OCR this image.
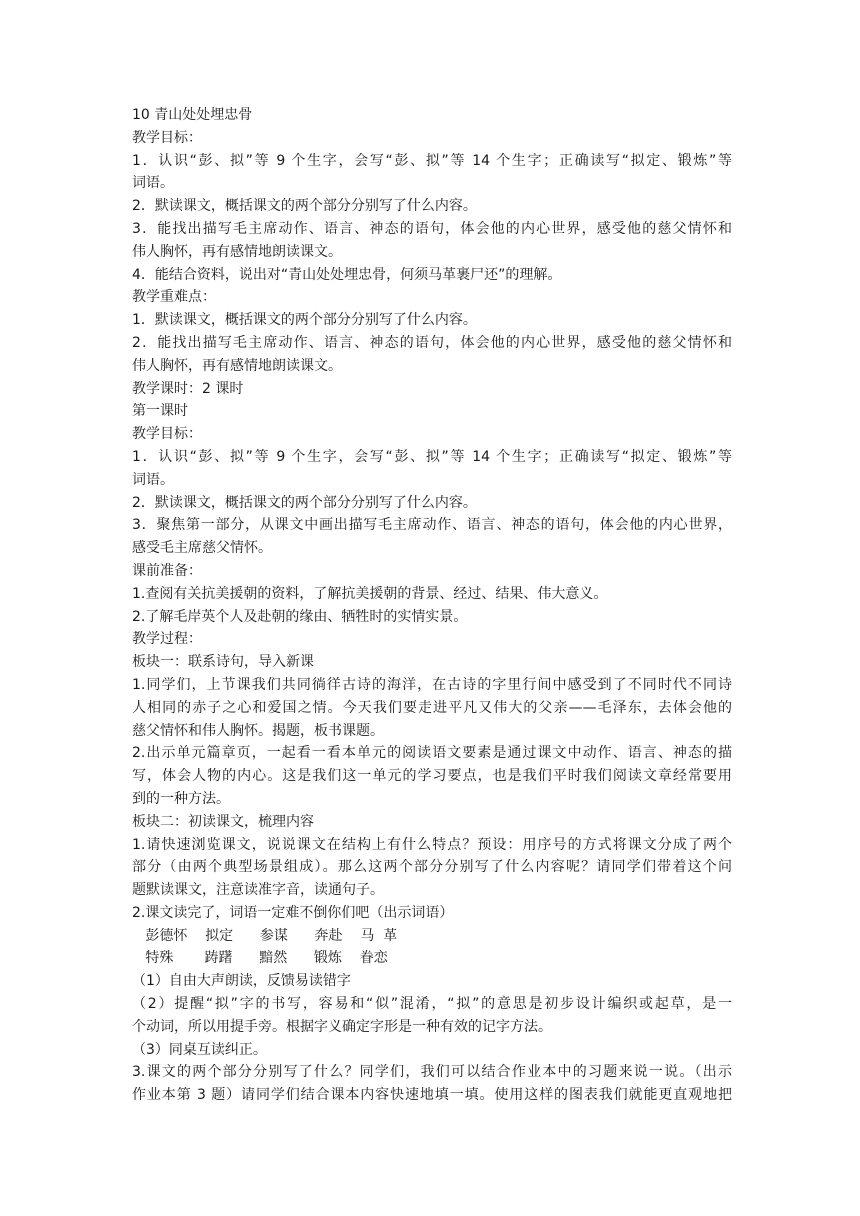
10 青山处处埋忠骨
教学目标：
1．认识“彭、拟”等 9 个生字，会写“彭、拟”等 14 个生字；正确读写“拟定、锻炼”等
词语。
2．默读课文，概括课文的两个部分分别写了什么内容。
3．能找出描写毛主席动作、语言、神态的语句，体会他的内心世界，感受他的慈父情怀和
伟人胸怀，再有感情地朗读课文。
4．能结合资料，说出对“青山处处埋忠骨，何须马革裹尸还”的理解。
教学重难点：
1．默读课文，概括课文的两个部分分别写了什么内容。
2．能找出描写毛主席动作、语言、神态的语句，体会他的内心世界，感受他的慈父情怀和
伟人胸怀，再有感情地朗读课文。
教学课时：2 课时
第一课时
教学目标：
1．认识“彭、拟”等 9 个生字，会写“彭、拟”等 14 个生字；正确读写“拟定、锻炼”等
词语。
2．默读课文，概括课文的两个部分分别写了什么内容。
3．聚焦第一部分，从课文中画出描写毛主席动作、语言、神态的语句，体会他的内心世界，
感受毛主席慈父情怀。
课前准备：
1.查阅有关抗美援朝的资料，了解抗美援朝的背景、经过、结果、伟大意义。
2.了解毛岸英个人及赴朝的缘由、牺牲时的实情实景。
教学过程：
板块一：联系诗句，导入新课
1.同学们，上节课我们共同徜徉古诗的海洋，在古诗的字里行间中感受到了不同时代不同诗
人相同的赤子之心和爱国之情。今天我们要走进平凡又伟大的父亲——毛泽东，去体会他的
慈父情怀和伟人胸怀。揭题，板书课题。
2.出示单元篇章页，一起看一看本单元的阅读语文要素是通过课文中动作、语言、神态的描
写，体会人物的内心。这是我们这一单元的学习要点，也是我们平时我们阅读文章经常要用
到的一种方法。
板块二：初读课文，梳理内容
1.请快速浏览课文，说说课文在结构上有什么特点？预设：用序号的方式将课文分成了两个
部分（由两个典型场景组成）。那么这两个部分分别写了什么内容呢？请同学们带着这个问
题默读课文，注意读准字音，读通句子。
2.课文读完了，词语一定难不倒你们吧（出示词语）
彭德怀    拟定      参谋      奔赴    马  革
特殊       踌躇      黯然      锻炼    眷恋
（1）自由大声朗读，反馈易读错字
（2）提醒“拟”字的书写，容易和“似”混淆，“拟”的意思是初步设计编织或起草，是一
个动词，所以用提手旁。根据字义确定字形是一种有效的记字方法。
（3）同桌互读纠正。
3.课文的两个部分分别写了什么？同学们，我们可以结合作业本中的习题来说一说。（出示
作业本第 3 题）请同学们结合课本内容快速地填一填。使用这样的图表我们就能更直观地把
